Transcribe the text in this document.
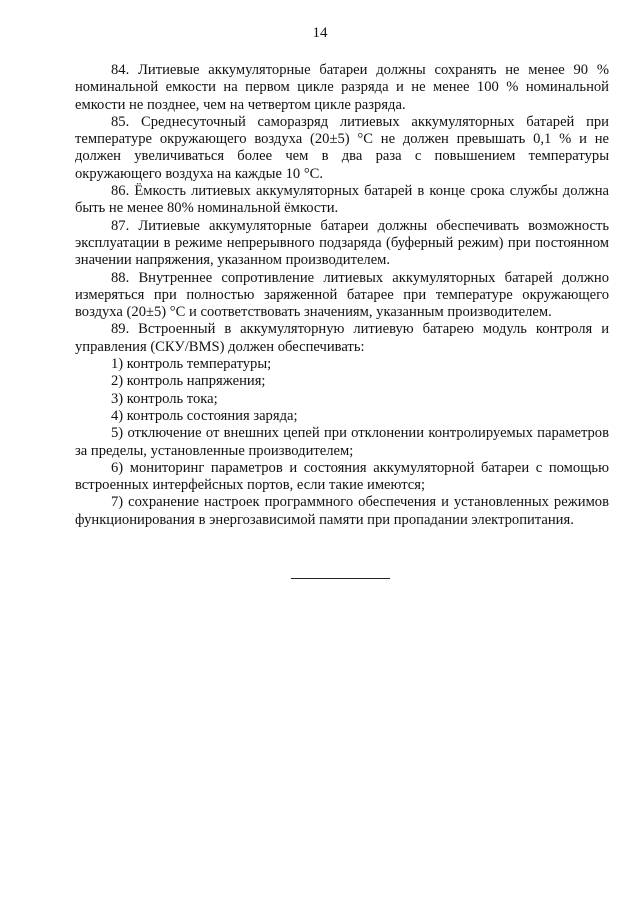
14

84. Литиевые аккумуляторные батареи должны сохранять не менее 90 % номинальной емкости на первом цикле разряда и не менее 100 % номинальной емкости не позднее, чем на четвертом цикле разряда.

85. Среднесуточный саморазряд литиевых аккумуляторных батарей при температуре окружающего воздуха (20±5) °С не должен превышать 0,1 % и не должен увеличиваться более чем в два раза с повышением температуры окружающего воздуха на каждые 10 °С.

86. Ёмкость литиевых аккумуляторных батарей в конце срока службы должна быть не менее 80% номинальной ёмкости.

87. Литиевые аккумуляторные батареи должны обеспечивать возможность эксплуатации в режиме непрерывного подзаряда (буферный режим) при постоянном значении напряжения, указанном производителем.

88. Внутреннее сопротивление литиевых аккумуляторных батарей должно измеряться при полностью заряженной батарее при температуре окружающего воздуха (20±5) °С и соответствовать значениям, указанным производителем.

89. Встроенный в аккумуляторную литиевую батарею модуль контроля и управления (СКУ/BMS) должен обеспечивать:

1) контроль температуры;

2) контроль напряжения;

3) контроль тока;

4) контроль состояния заряда;

5) отключение от внешних цепей при отклонении контролируемых параметров за пределы, установленные производителем;

6) мониторинг параметров и состояния аккумуляторной батареи с помощью встроенных интерфейсных портов, если такие имеются;

7) сохранение настроек программного обеспечения и установленных режимов функционирования в энергозависимой памяти при пропадании электропитания.
